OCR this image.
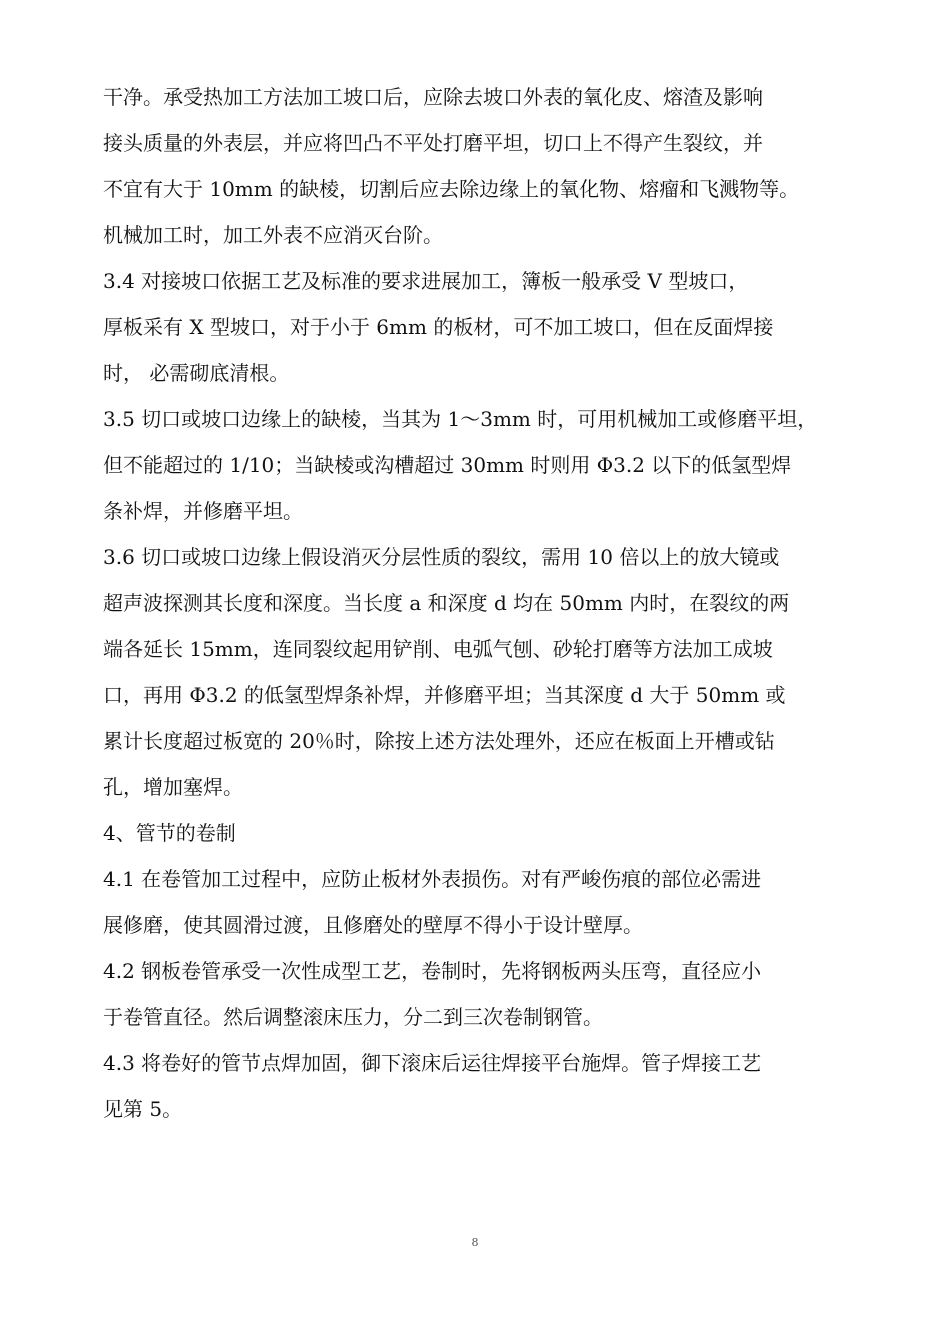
干净。承受热加工方法加工坡口后，应除去坡口外表的氧化皮、熔渣及影响
接头质量的外表层，并应将凹凸不平处打磨平坦，切口上不得产生裂纹，并
不宜有大于 10mm 的缺棱，切割后应去除边缘上的氧化物、熔瘤和飞溅物等。
机械加工时，加工外表不应消灭台阶。
3.4 对接坡口依据工艺及标准的要求进展加工，簿板一般承受 V 型坡口，
厚板采有 X 型坡口，对于小于 6mm 的板材，可不加工坡口，但在反面焊接
时， 必需砌底清根。
3.5 切口或坡口边缘上的缺棱，当其为 1～3mm 时，可用机械加工或修磨平坦，
但不能超过的 1/10；当缺棱或沟槽超过 30mm 时则用 Φ3.2 以下的低氢型焊
条补焊，并修磨平坦。
3.6 切口或坡口边缘上假设消灭分层性质的裂纹，需用 10 倍以上的放大镜或
超声波探测其长度和深度。当长度 a 和深度 d 均在 50mm 内时，在裂纹的两
端各延长 15mm，连同裂纹起用铲削、电弧气刨、砂轮打磨等方法加工成坡
口，再用 Φ3.2 的低氢型焊条补焊，并修磨平坦；当其深度 d 大于 50mm 或
累计长度超过板宽的 20％时，除按上述方法处理外，还应在板面上开槽或钻
孔，增加塞焊。
4、管节的卷制
4.1 在卷管加工过程中，应防止板材外表损伤。对有严峻伤痕的部位必需进
展修磨，使其圆滑过渡，且修磨处的壁厚不得小于设计壁厚。
4.2 钢板卷管承受一次性成型工艺，卷制时，先将钢板两头压弯，直径应小
于卷管直径。然后调整滚床压力，分二到三次卷制钢管。
4.3 将卷好的管节点焊加固，御下滚床后运往焊接平台施焊。管子焊接工艺
见第 5。
8
